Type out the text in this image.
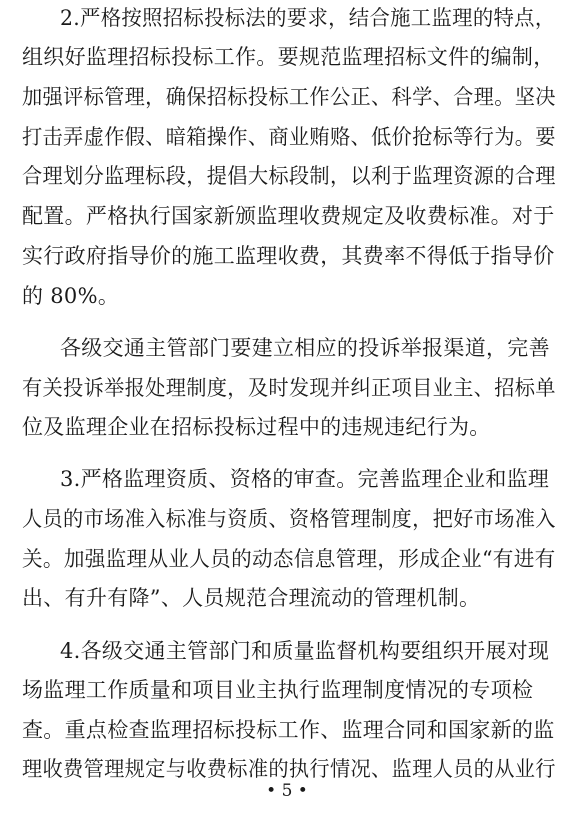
2.严格按照招标投标法的要求，结合施工监理的特点，
组织好监理招标投标工作。要规范监理招标文件的编制，
加强评标管理，确保招标投标工作公正、科学、合理。坚决
打击弄虚作假、暗箱操作、商业贿赂、低价抢标等行为。要
合理划分监理标段，提倡大标段制，以利于监理资源的合理
配置。严格执行国家新颁监理收费规定及收费标准。对于
实行政府指导价的施工监理收费，其费率不得低于指导价
的 80%。
各级交通主管部门要建立相应的投诉举报渠道，完善
有关投诉举报处理制度，及时发现并纠正项目业主、招标单
位及监理企业在招标投标过程中的违规违纪行为。
3.严格监理资质、资格的审查。完善监理企业和监理
人员的市场准入标准与资质、资格管理制度，把好市场准入
关。加强监理从业人员的动态信息管理，形成企业“有进有
出、有升有降”、人员规范合理流动的管理机制。
4.各级交通主管部门和质量监督机构要组织开展对现
场监理工作质量和项目业主执行监理制度情况的专项检
查。重点检查监理招标投标工作、监理合同和国家新的监
理收费管理规定与收费标准的执行情况、监理人员的从业行
• 5 •
